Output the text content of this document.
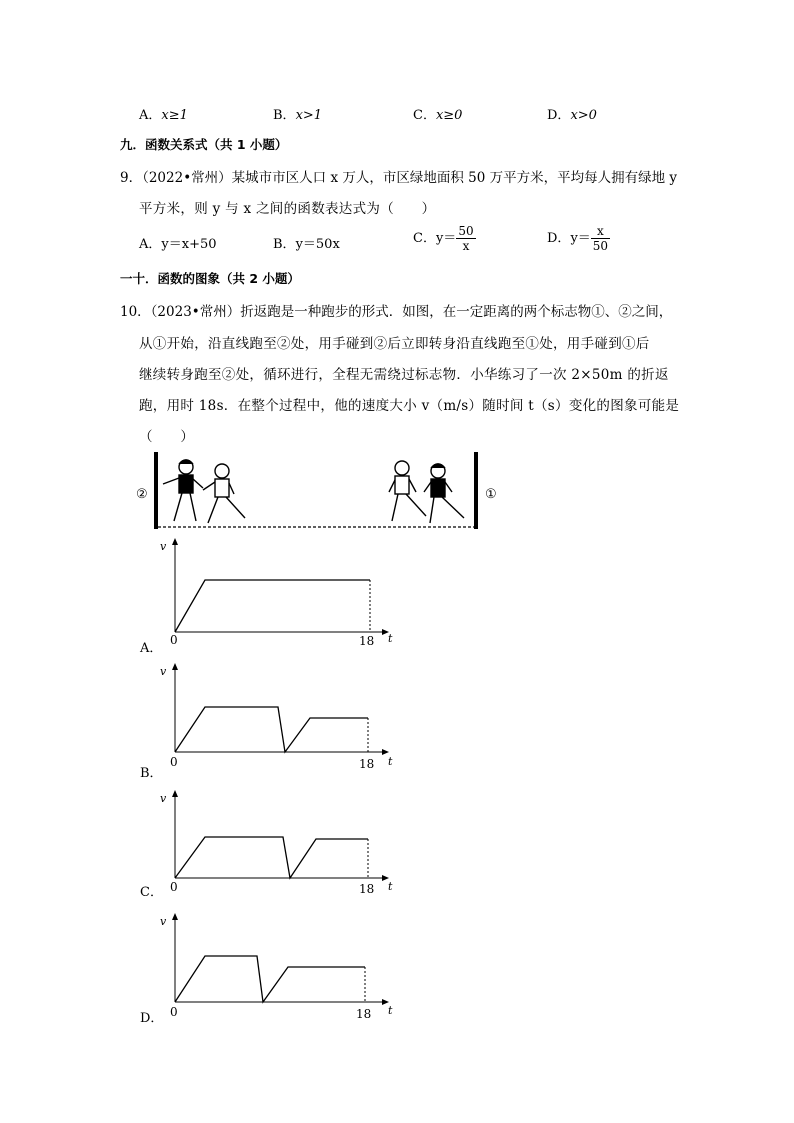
A．x≥1	B．x>1	C．x≥0	D．x>0
九．函数关系式（共 1 小题）
9．（2022•常州）某城市市区人口 x 万人，市区绿地面积 50 万平方米，平均每人拥有绿地 y
平方米，则 y 与 x 之间的函数表达式为（　　）
A．y＝x+50	B．y＝50x	C．$y= \frac{50}{x}$	D．$y= \frac{x}{50}$
一十．函数的图象（共 2 小题）
10．（2023•常州）折返跑是一种跑步的形式．如图，在一定距离的两个标志物①、②之间，
从①开始，沿直线跑至②处，用手碰到②后立即转身沿直线跑至①处，用手碰到①后
继续转身跑至②处，循环进行，全程无需绕过标志物．小华练习了一次 2×50m 的折返
跑，用时 18s．在整个过程中，他的速度大小 v（m/s）随时间 t（s）变化的图象可能是
（　　）
②	①
A．
v
t
0	18
B．
v
t
0	18
C．
v
t
0	18
D．
v
t
0	18
